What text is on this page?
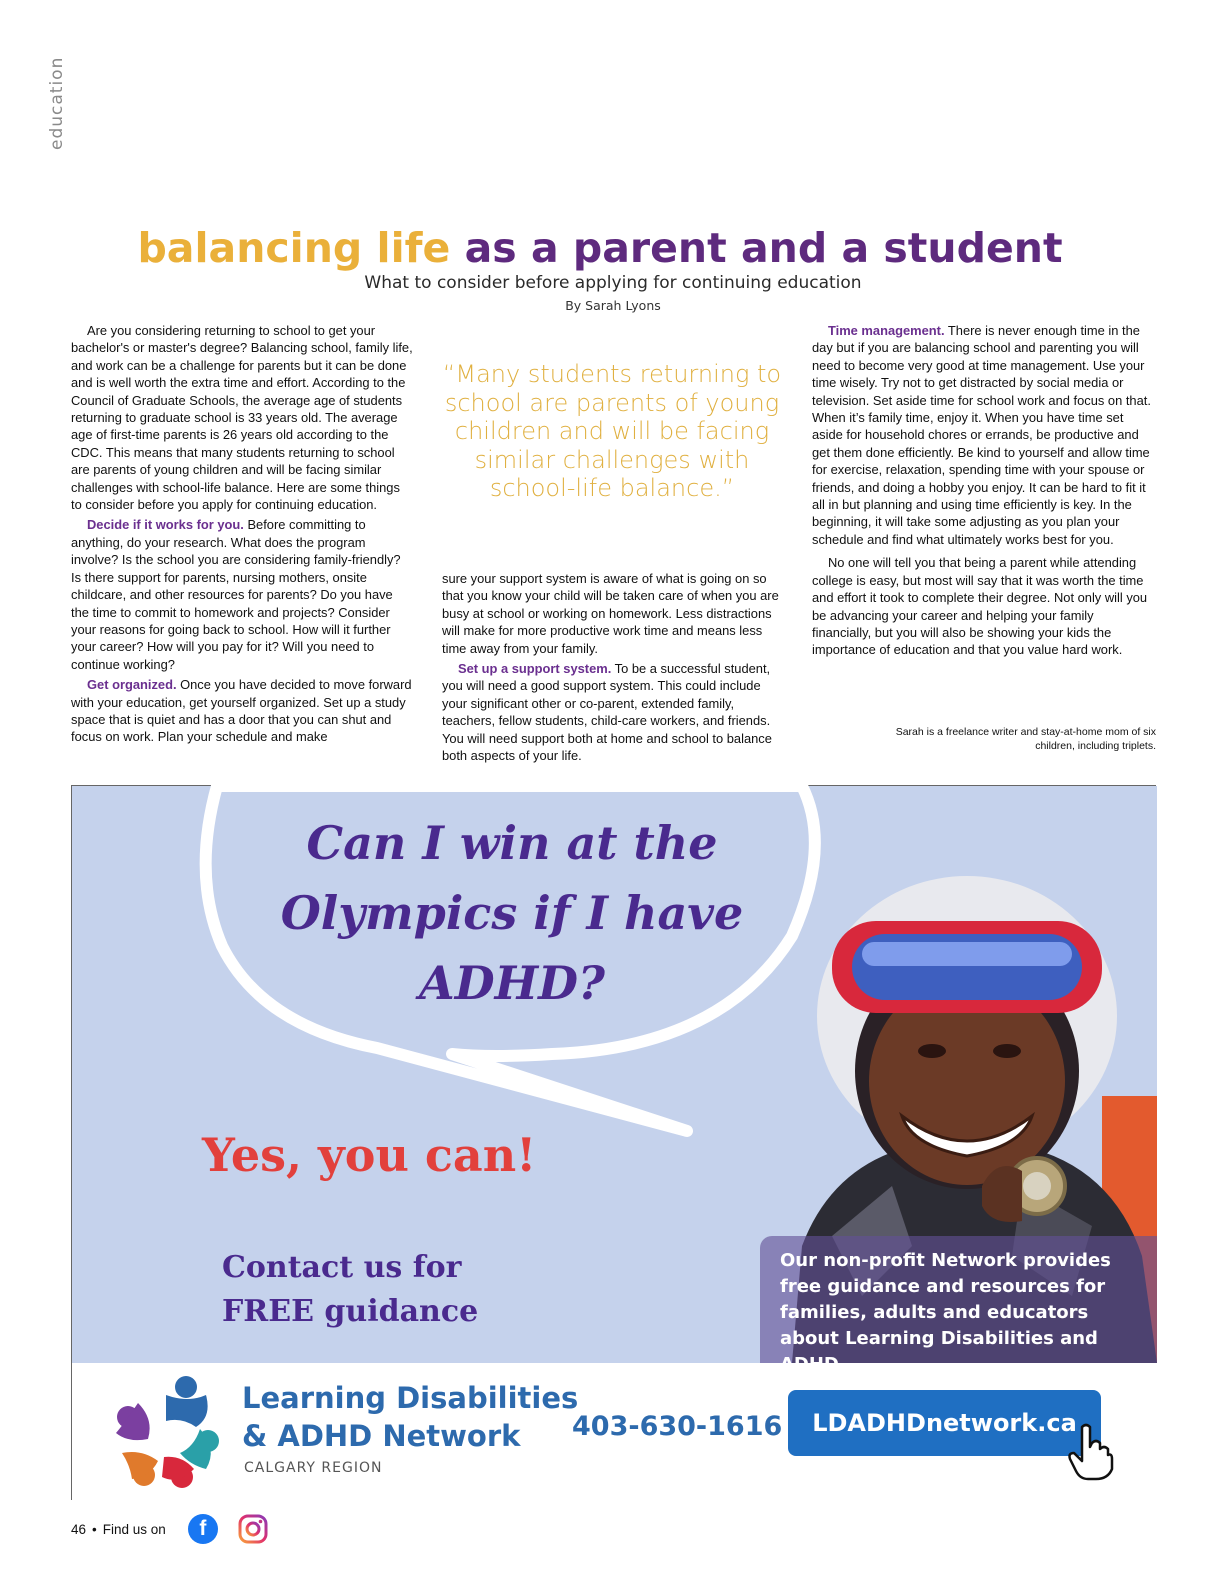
education
balancing life as a parent and a student
What to consider before applying for continuing education
By Sarah Lyons

Are you considering returning to school to get your bachelor's or master's degree? Balancing school, family life, and work can be a challenge for parents but it can be done and is well worth the extra time and effort. According to the Council of Graduate Schools, the average age of students returning to graduate school is 33 years old. The average age of first-time parents is 26 years old according to the CDC. This means that many students returning to school are parents of young children and will be facing similar challenges with school-life balance. Here are some things to consider before you apply for continuing education.

Decide if it works for you. Before committing to anything, do your research. What does the program involve? Is the school you are considering family-friendly? Is there support for parents, nursing mothers, onsite childcare, and other resources for parents? Do you have the time to commit to homework and projects? Consider your reasons for going back to school. How will it further your career? How will you pay for it? Will you need to continue working?

Get organized. Once you have decided to move forward with your education, get yourself organized. Set up a study space that is quiet and has a door that you can shut and focus on work. Plan your schedule and make

“Many students returning to school are parents of young children and will be facing similar challenges with school-life balance.”

sure your support system is aware of what is going on so that you know your child will be taken care of when you are busy at school or working on homework. Less distractions will make for more productive work time and means less time away from your family.

Set up a support system. To be a successful student, you will need a good support system. This could include your significant other or co-parent, extended family, teachers, fellow students, child-care workers, and friends. You will need support both at home and school to balance both aspects of your life.

Time management. There is never enough time in the day but if you are balancing school and parenting you will need to become very good at time management. Use your time wisely. Try not to get distracted by social media or television. Set aside time for school work and focus on that. When it’s family time, enjoy it. When you have time set aside for household chores or errands, be productive and get them done efficiently. Be kind to yourself and allow time for exercise, relaxation, spending time with your spouse or friends, and doing a hobby you enjoy. It can be hard to fit it all in but planning and using time efficiently is key. In the beginning, it will take some adjusting as you plan your schedule and find what ultimately works best for you.

No one will tell you that being a parent while attending college is easy, but most will say that it was worth the time and effort it took to complete their degree. Not only will you be advancing your career and helping your family financially, but you will also be showing your kids the importance of education and that you value hard work.

Sarah is a freelance writer and stay-at-home mom of six children, including triplets.
Can I win at the Olympics if I have ADHD?
Yes, you can!
Contact us for
FREE guidance
Our non-profit Network provides free guidance and resources for families, adults and educators about Learning Disabilities and
Learning Disabilities
& ADHD Network
CALGARY REGION
403-630-1616	LDADHDnetwork.ca
46 • Find us on	f
